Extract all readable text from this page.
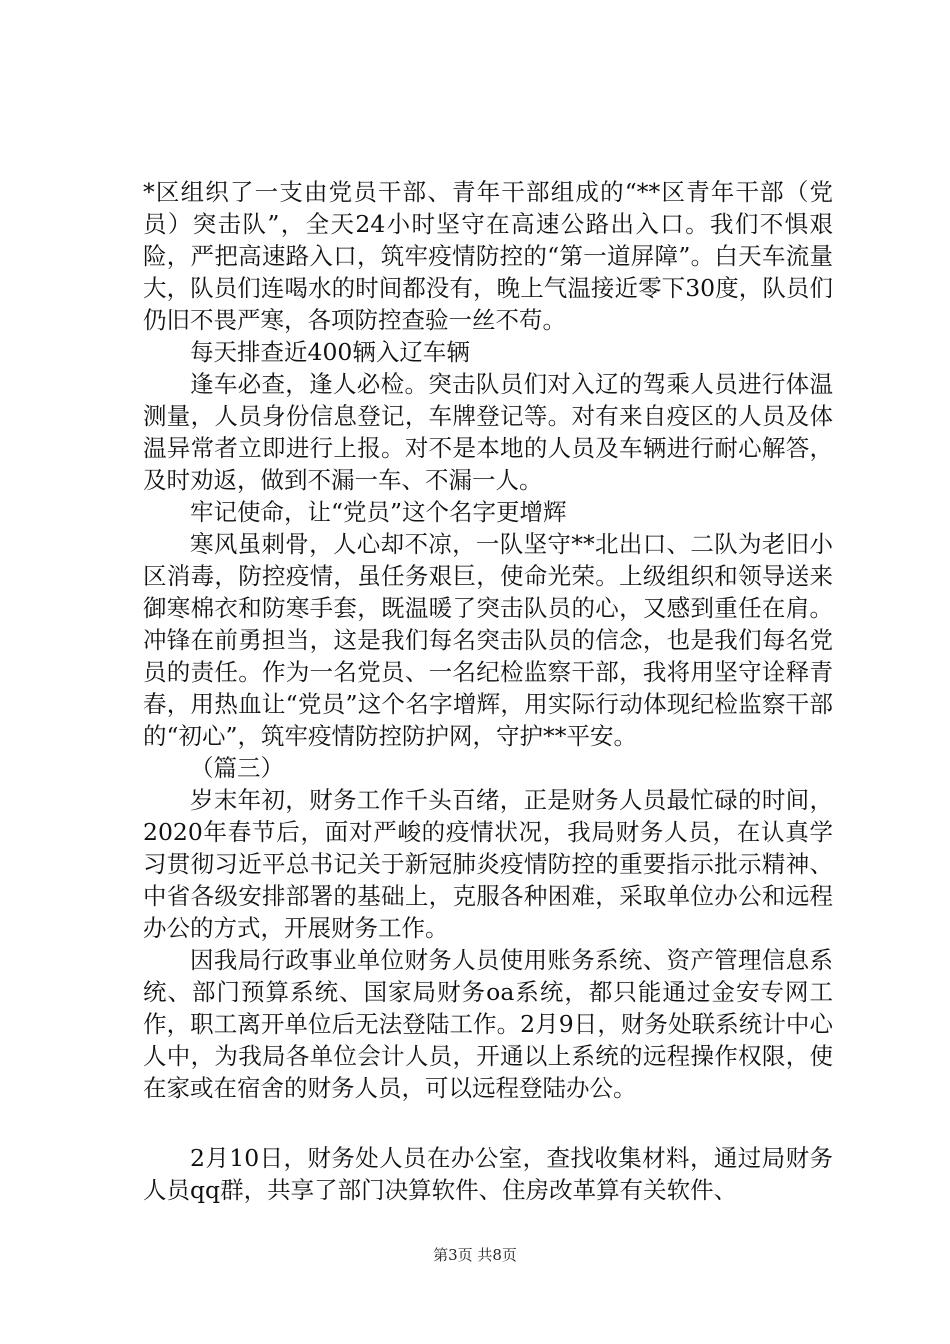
*区组织了一支由党员干部、青年干部组成的“**区青年干部（党员）突击队”，全天24小时坚守在高速公路出入口。我们不惧艰险，严把高速路入口，筑牢疫情防控的“第一道屏障”。白天车流量大，队员们连喝水的时间都没有，晚上气温接近零下30度，队员们仍旧不畏严寒，各项防控查验一丝不苟。

每天排查近400辆入辽车辆

逢车必查，逢人必检。突击队员们对入辽的驾乘人员进行体温测量，人员身份信息登记，车牌登记等。对有来自疫区的人员及体温异常者立即进行上报。对不是本地的人员及车辆进行耐心解答，及时劝返，做到不漏一车、不漏一人。

牢记使命，让“党员”这个名字更增辉

寒风虽刺骨，人心却不凉，一队坚守**北出口、二队为老旧小区消毒，防控疫情，虽任务艰巨，使命光荣。上级组织和领导送来御寒棉衣和防寒手套，既温暖了突击队员的心，又感到重任在肩。冲锋在前勇担当，这是我们每名突击队员的信念，也是我们每名党员的责任。作为一名党员、一名纪检监察干部，我将用坚守诠释青春，用热血让“党员”这个名字增辉，用实际行动体现纪检监察干部的“初心”，筑牢疫情防控防护网，守护**平安。

（篇三）

岁末年初，财务工作千头百绪，正是财务人员最忙碌的时间，2020年春节后，面对严峻的疫情状况，我局财务人员，在认真学习贯彻习近平总书记关于新冠肺炎疫情防控的重要指示批示精神、中省各级安排部署的基础上，克服各种困难，采取单位办公和远程办公的方式，开展财务工作。

因我局行政事业单位财务人员使用账务系统、资产管理信息系统、部门预算系统、国家局财务oa系统，都只能通过金安专网工作，职工离开单位后无法登陆工作。2月9日，财务处联系统计中心人中，为我局各单位会计人员，开通以上系统的远程操作权限，使在家或在宿舍的财务人员，可以远程登陆办公。

2月10日，财务处人员在办公室，查找收集材料，通过局财务人员qq群，共享了部门决算软件、住房改革算有关软件、

第3页 共8页
